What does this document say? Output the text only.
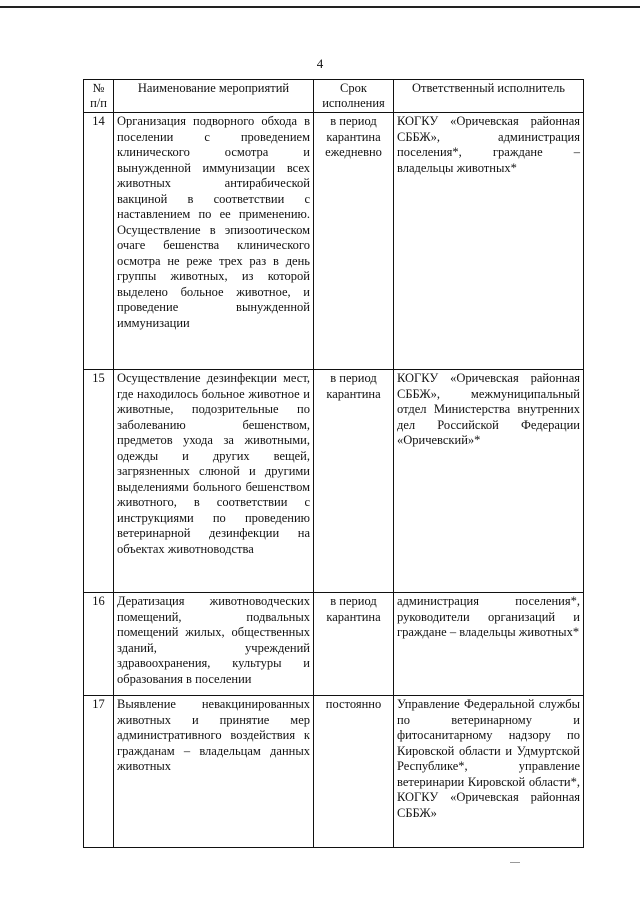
4
№ п/п	Наименование мероприятий	Срок исполнения	Ответственный исполнитель
14	Организация подворного обхода в поселении с проведением клинического осмотра и вынужденной иммунизации всех животных антирабической вакциной в соответствии с наставлением по ее применению. Осуществление в эпизоотическом очаге бешенства клинического осмотра не реже трех раз в день группы животных, из которой выделено больное животное, и проведение вынужденной иммунизации	в период карантина ежедневно	КОГКУ «Оричевская районная СББЖ», администрация поселения*, граждане – владельцы животных*
15	Осуществление дезинфекции мест, где находилось больное животное и животные, подозрительные по заболеванию бешенством, предметов ухода за животными, одежды и других вещей, загрязненных слюной и другими выделениями больного бешенством животного, в соответствии с инструкциями по проведению ветеринарной дезинфекции на объектах животноводства	в период карантина	КОГКУ «Оричевская районная СББЖ», межмуниципальный отдел Министерства внутренних дел Российской Федерации «Оричевский»*
16	Дератизация животноводческих помещений, подвальных помещений жилых, общественных зданий, учреждений здравоохранения, культуры и образования в поселении	в период карантина	администрация поселения*, руководители организаций и граждане – владельцы животных*
17	Выявление невакцинированных животных и принятие мер административного воздействия к гражданам – владельцам данных животных	постоянно	Управление Федеральной службы по ветеринарному и фитосанитарному надзору по Кировской области и Удмуртской Республике*, управление ветеринарии Кировской области*, КОГКУ «Оричевская районная СББЖ»
